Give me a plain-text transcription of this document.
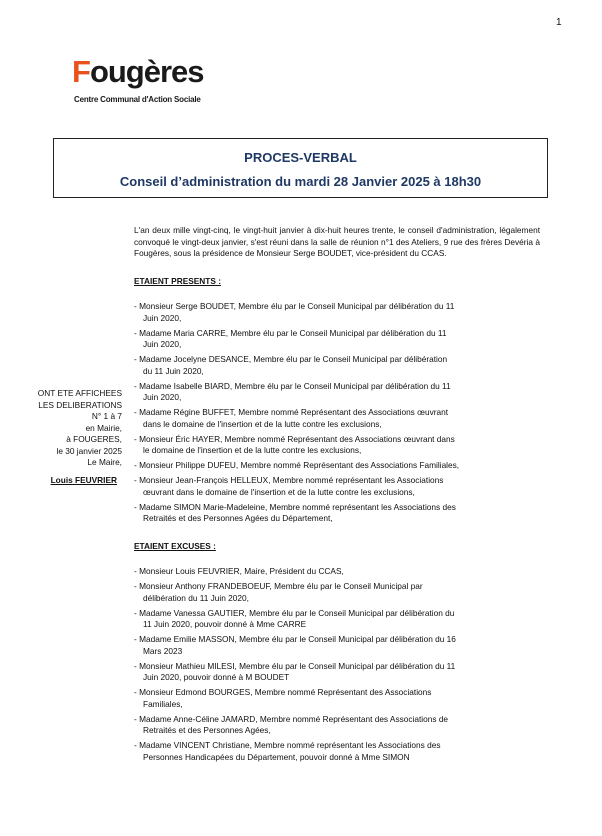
1
Fougères
Centre Communal d'Action Sociale
PROCES-VERBAL
Conseil d’administration du mardi 28 Janvier 2025 à 18h30
ONT ETE AFFICHEES
LES DELIBERATIONS
N° 1 à 7
en Mairie,
à FOUGERES,
le 30 janvier 2025
Le Maire,
Louis FEUVRIER

L'an deux mille vingt-cinq, le vingt-huit janvier à dix-huit heures trente, le conseil d'administration, légalement convoqué le vingt-deux janvier, s'est réuni dans la salle de réunion n°1 des Ateliers, 9 rue des frères Devéria à Fougères, sous la présidence de Monsieur Serge BOUDET, vice-président du CCAS.

ETAIENT PRESENTS :
- Monsieur Serge BOUDET, Membre élu par le Conseil Municipal par délibération du 11
Juin 2020,
- Madame Maria CARRE, Membre élu par le Conseil Municipal par délibération du 11
Juin 2020,
- Madame Jocelyne DESANCE, Membre élu par le Conseil Municipal par délibération
du 11 Juin 2020,
- Madame Isabelle BIARD, Membre élu par le Conseil Municipal par délibération du 11
Juin 2020,
- Madame Régine BUFFET, Membre nommé Représentant des Associations œuvrant
dans le domaine de l'insertion et de la lutte contre les exclusions,
- Monsieur Éric HAYER, Membre nommé Représentant des Associations œuvrant dans
le domaine de l'insertion et de la lutte contre les exclusions,
- Monsieur Philippe DUFEU, Membre nommé Représentant des Associations Familiales,
- Monsieur Jean-François HELLEUX, Membre nommé représentant les Associations
œuvrant dans le domaine de l'insertion et de la lutte contre les exclusions,
- Madame SIMON Marie-Madeleine, Membre nommé représentant les Associations des
Retraités et des Personnes Agées du Département,
ETAIENT EXCUSES :
- Monsieur Louis FEUVRIER, Maire, Président du CCAS,
- Monsieur Anthony FRANDEBOEUF, Membre élu par le Conseil Municipal par
délibération du 11 Juin 2020,
- Madame Vanessa GAUTIER, Membre élu par le Conseil Municipal par délibération du
11 Juin 2020, pouvoir donné à Mme CARRE
- Madame Emilie MASSON, Membre élu par le Conseil Municipal par délibération du 16
Mars 2023
- Monsieur Mathieu MILESI, Membre élu par le Conseil Municipal par délibération du 11
Juin 2020, pouvoir donné à M BOUDET
- Monsieur Edmond BOURGES, Membre nommé Représentant des Associations
Familiales,
- Madame Anne-Céline JAMARD, Membre nommé Représentant des Associations de
Retraités et des Personnes Agées,
- Madame VINCENT Christiane, Membre nommé représentant les Associations des
Personnes Handicapées du Département, pouvoir donné à Mme SIMON
